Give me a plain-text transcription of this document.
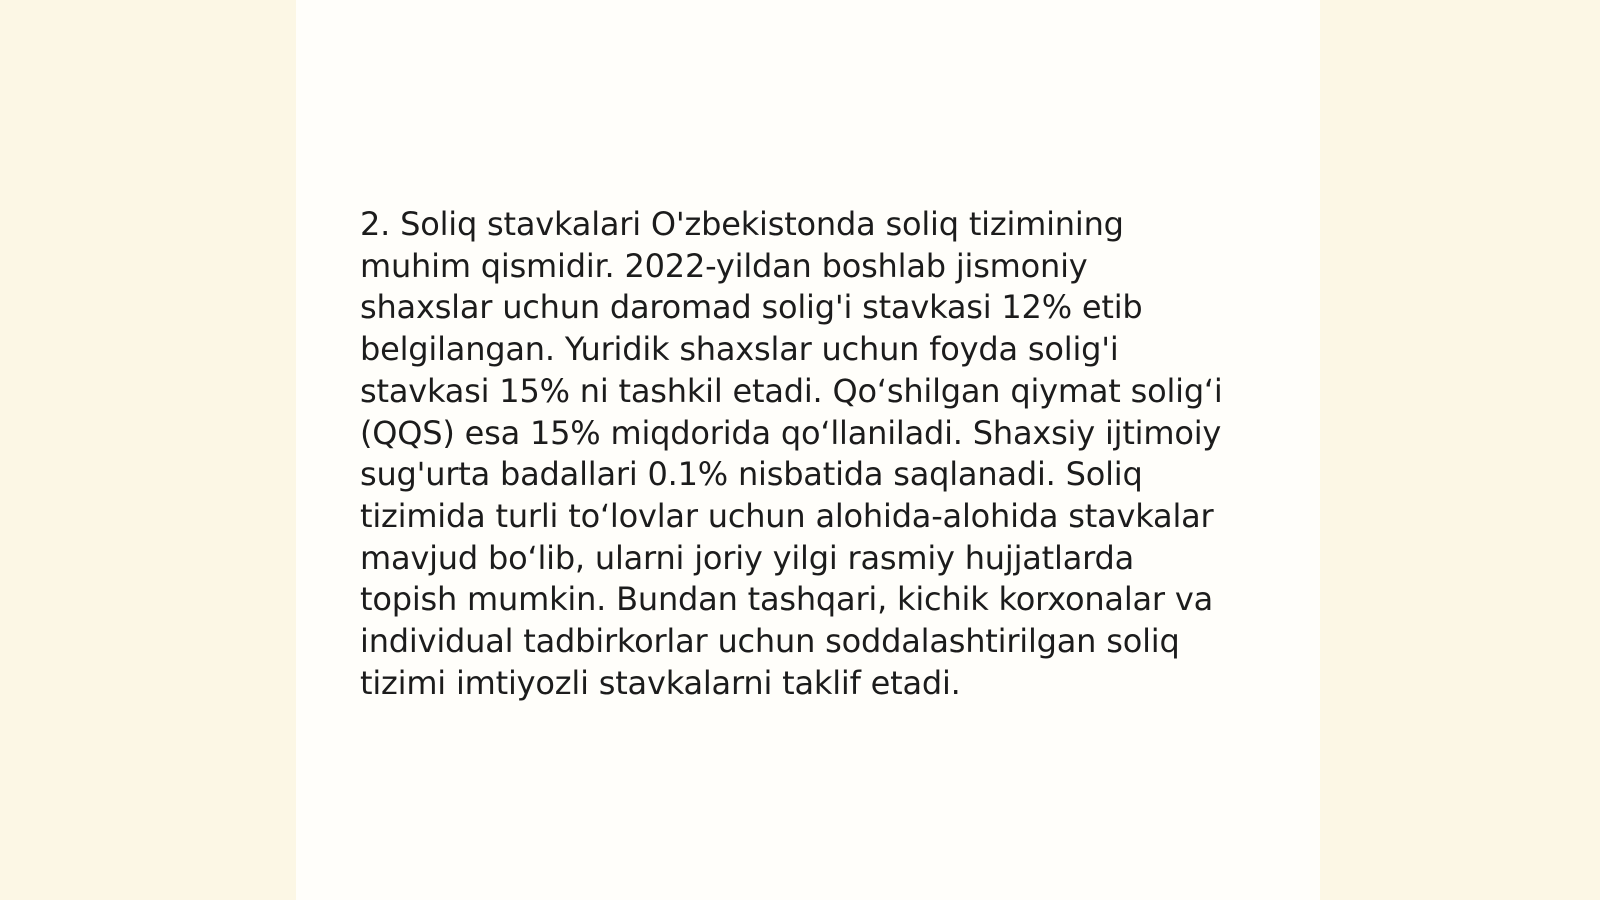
2. Soliq stavkalari O'zbekistonda soliq tizimining
muhim qismidir. 2022-yildan boshlab jismoniy
shaxslar uchun daromad solig'i stavkasi 12% etib
belgilangan. Yuridik shaxslar uchun foyda solig'i
stavkasi 15% ni tashkil etadi. Qo‘shilgan qiymat solig‘i
(QQS) esa 15% miqdorida qo‘llaniladi. Shaxsiy ijtimoiy
sug'urta badallari 0.1% nisbatida saqlanadi. Soliq
tizimida turli to‘lovlar uchun alohida-alohida stavkalar
mavjud bo‘lib, ularni joriy yilgi rasmiy hujjatlarda
topish mumkin. Bundan tashqari, kichik korxonalar va
individual tadbirkorlar uchun soddalashtirilgan soliq
tizimi imtiyozli stavkalarni taklif etadi.
